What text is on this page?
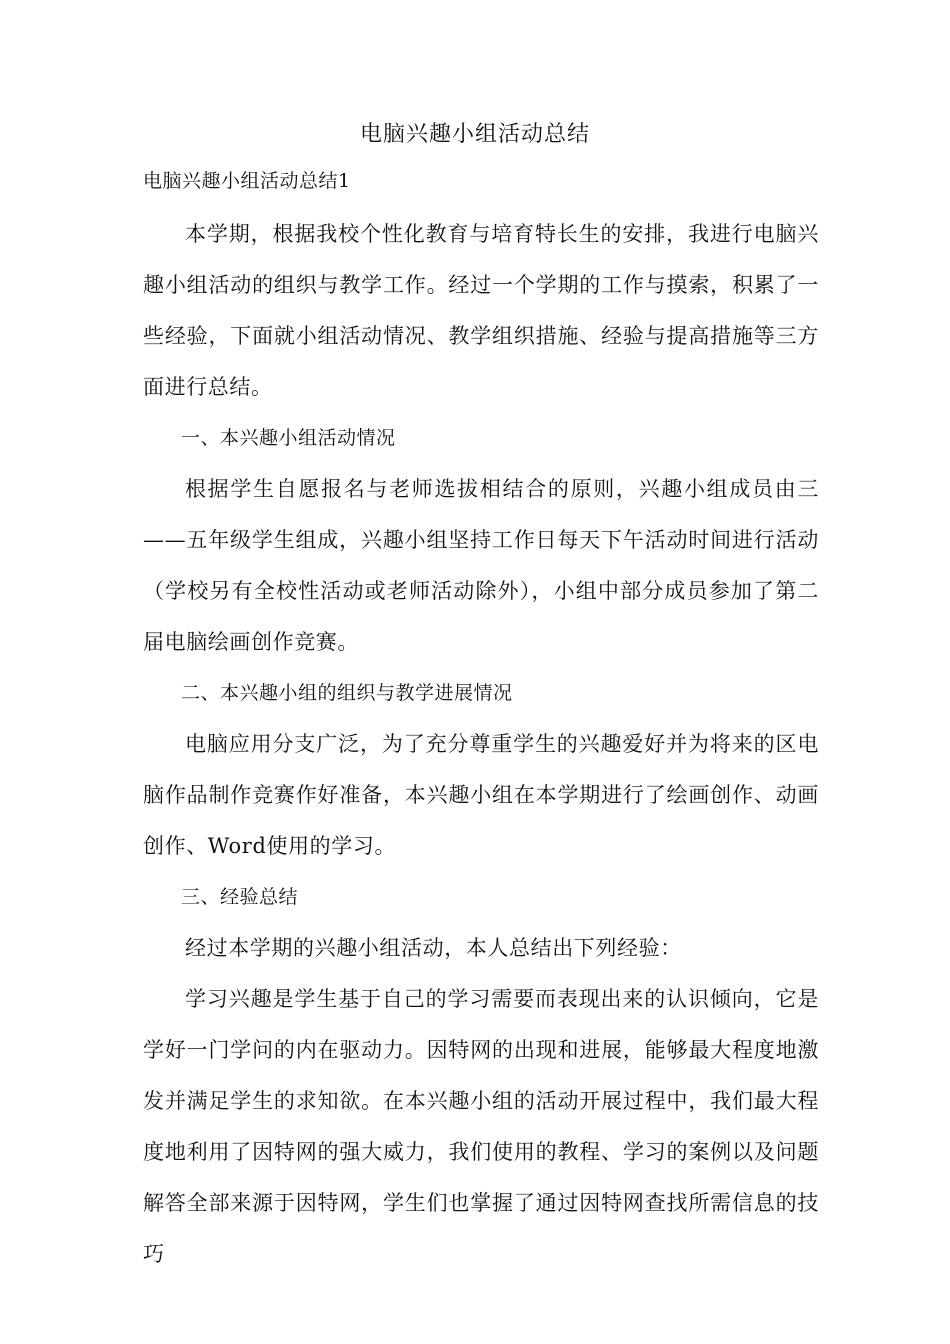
电脑兴趣小组活动总结
电脑兴趣小组活动总结1

本学期，根据我校个性化教育与培育特长生的安排，我进行电脑兴趣小组活动的组织与教学工作。经过一个学期的工作与摸索，积累了一些经验，下面就小组活动情况、教学组织措施、经验与提高措施等三方面进行总结。

一、本兴趣小组活动情况

根据学生自愿报名与老师选拔相结合的原则，兴趣小组成员由三——五年级学生组成，兴趣小组坚持工作日每天下午活动时间进行活动（学校另有全校性活动或老师活动除外），小组中部分成员参加了第二届电脑绘画创作竞赛。

二、本兴趣小组的组织与教学进展情况

电脑应用分支广泛，为了充分尊重学生的兴趣爱好并为将来的区电脑作品制作竞赛作好准备，本兴趣小组在本学期进行了绘画创作、动画创作、Word使用的学习。

三、经验总结

经过本学期的兴趣小组活动，本人总结出下列经验：

学习兴趣是学生基于自己的学习需要而表现出来的认识倾向，它是学好一门学问的内在驱动力。因特网的出现和进展，能够最大程度地激发并满足学生的求知欲。在本兴趣小组的活动开展过程中，我们最大程度地利用了因特网的强大威力，我们使用的教程、学习的案例以及问题解答全部来源于因特网，学生们也掌握了通过因特网查找所需信息的技巧
